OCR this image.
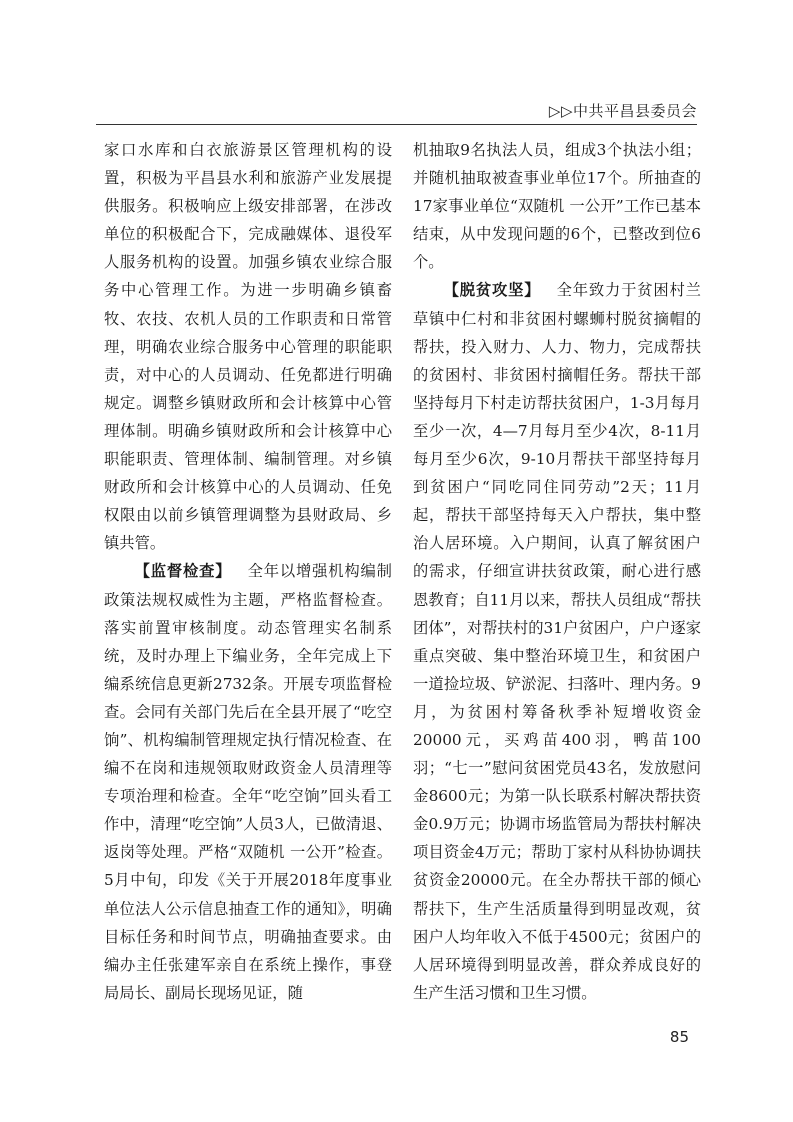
▷▷中共平昌县委员会

家口水库和白衣旅游景区管理机构的设置，积极为平昌县水利和旅游产业发展提供服务。积极响应上级安排部署，在涉改单位的积极配合下，完成融媒体、退役军人服务机构的设置。加强乡镇农业综合服务中心管理工作。为进一步明确乡镇畜牧、农技、农机人员的工作职责和日常管理，明确农业综合服务中心管理的职能职责，对中心的人员调动、任免都进行明确规定。调整乡镇财政所和会计核算中心管理体制。明确乡镇财政所和会计核算中心职能职责、管理体制、编制管理。对乡镇财政所和会计核算中心的人员调动、任免权限由以前乡镇管理调整为县财政局、乡镇共管。

【监督检查】  全年以增强机构编制政策法规权威性为主题，严格监督检查。落实前置审核制度。动态管理实名制系统，及时办理上下编业务，全年完成上下编系统信息更新2732条。开展专项监督检查。会同有关部门先后在全县开展了“吃空饷”、机构编制管理规定执行情况检查、在编不在岗和违规领取财政资金人员清理等专项治理和检查。全年“吃空饷”回头看工作中，清理“吃空饷”人员3人，已做清退、返岗等处理。严格“双随机 一公开”检查。5月中旬，印发《关于开展2018年度事业单位法人公示信息抽查工作的通知》，明确目标任务和时间节点，明确抽查要求。由编办主任张建军亲自在系统上操作，事登局局长、副局长现场见证，随

机抽取9名执法人员，组成3个执法小组；并随机抽取被查事业单位17个。所抽查的17家事业单位“双随机 一公开”工作已基本结束，从中发现问题的6个，已整改到位6个。

【脱贫攻坚】  全年致力于贫困村兰草镇中仁村和非贫困村螺蛳村脱贫摘帽的帮扶，投入财力、人力、物力，完成帮扶的贫困村、非贫困村摘帽任务。帮扶干部坚持每月下村走访帮扶贫困户，1-3月每月至少一次，4—7月每月至少4次，8-11月每月至少6次，9-10月帮扶干部坚持每月到贫困户“同吃同住同劳动”2天；11月起，帮扶干部坚持每天入户帮扶，集中整治人居环境。入户期间，认真了解贫困户的需求，仔细宣讲扶贫政策，耐心进行感恩教育；自11月以来，帮扶人员组成“帮扶团体”，对帮扶村的31户贫困户，户户逐家重点突破、集中整治环境卫生，和贫困户一道捡垃圾、铲淤泥、扫落叶、理内务。9月，为贫困村筹备秋季补短增收资金20000元，买鸡苗400羽，鸭苗100羽；“七一”慰问贫困党员43名，发放慰问金8600元；为第一队长联系村解决帮扶资金0.9万元；协调市场监管局为帮扶村解决项目资金4万元；帮助丁家村从科协协调扶贫资金20000元。在全办帮扶干部的倾心帮扶下，生产生活质量得到明显改观，贫困户人均年收入不低于4500元；贫困户的人居环境得到明显改善，群众养成良好的生产生活习惯和卫生习惯。

85
